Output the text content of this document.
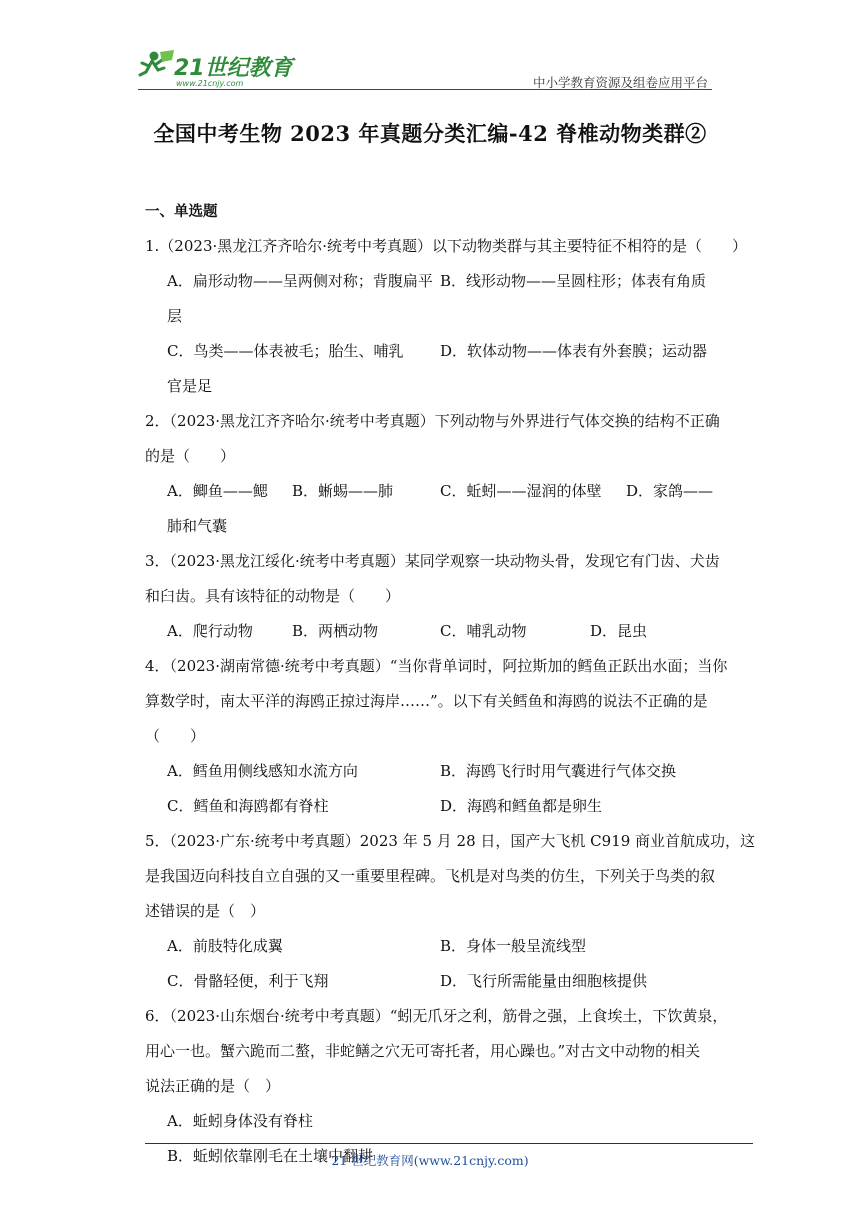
21世纪教育
www.21cnjy.com	中小学教育资源及组卷应用平台
全国中考生物 2023 年真题分类汇编-42 脊椎动物类群②
一、单选题
1.（2023·黑龙江齐齐哈尔·统考中考真题）以下动物类群与其主要特征不相符的是（　　）
A．扁形动物——呈两侧对称；背腹扁平 B．线形动物——呈圆柱形；体表有角质
层
C．鸟类——体表被毛；胎生、哺乳	D．软体动物——体表有外套膜；运动器
官是足
2．（2023·黑龙江齐齐哈尔·统考中考真题）下列动物与外界进行气体交换的结构不正确
的是（　　）
A．鲫鱼——鳃	B．蜥蜴——肺	C．蚯蚓——湿润的体壁	D．家鸽——
肺和气囊
3．（2023·黑龙江绥化·统考中考真题）某同学观察一块动物头骨，发现它有门齿、犬齿
和臼齿。具有该特征的动物是（　　）
A．爬行动物	B．两栖动物	C．哺乳动物	D．昆虫
4．（2023·湖南常德·统考中考真题）“当你背单词时，阿拉斯加的鳕鱼正跃出水面；当你
算数学时，南太平洋的海鸥正掠过海岸……”。以下有关鳕鱼和海鸥的说法不正确的是
（　　）
A．鳕鱼用侧线感知水流方向	B．海鸥飞行时用气囊进行气体交换
C．鳕鱼和海鸥都有脊柱	D．海鸥和鳕鱼都是卵生
5．（2023·广东·统考中考真题）2023 年 5 月 28 日，国产大飞机 C919 商业首航成功，这
是我国迈向科技自立自强的又一重要里程碑。飞机是对鸟类的仿生，下列关于鸟类的叙
述错误的是（　）
A．前肢特化成翼	B．身体一般呈流线型
C．骨骼轻便，利于飞翔	D．飞行所需能量由细胞核提供
6．（2023·山东烟台·统考中考真题）“蚓无爪牙之利，筋骨之强，上食埃土，下饮黄泉，
用心一也。蟹六跪而二螯，非蛇鳝之穴无可寄托者，用心躁也。”对古文中动物的相关
说法正确的是（　）
A．蚯蚓身体没有脊柱
B．蚯蚓依靠刚毛在土壤中翻耕
21 世纪教育网(www.21cnjy.com)
